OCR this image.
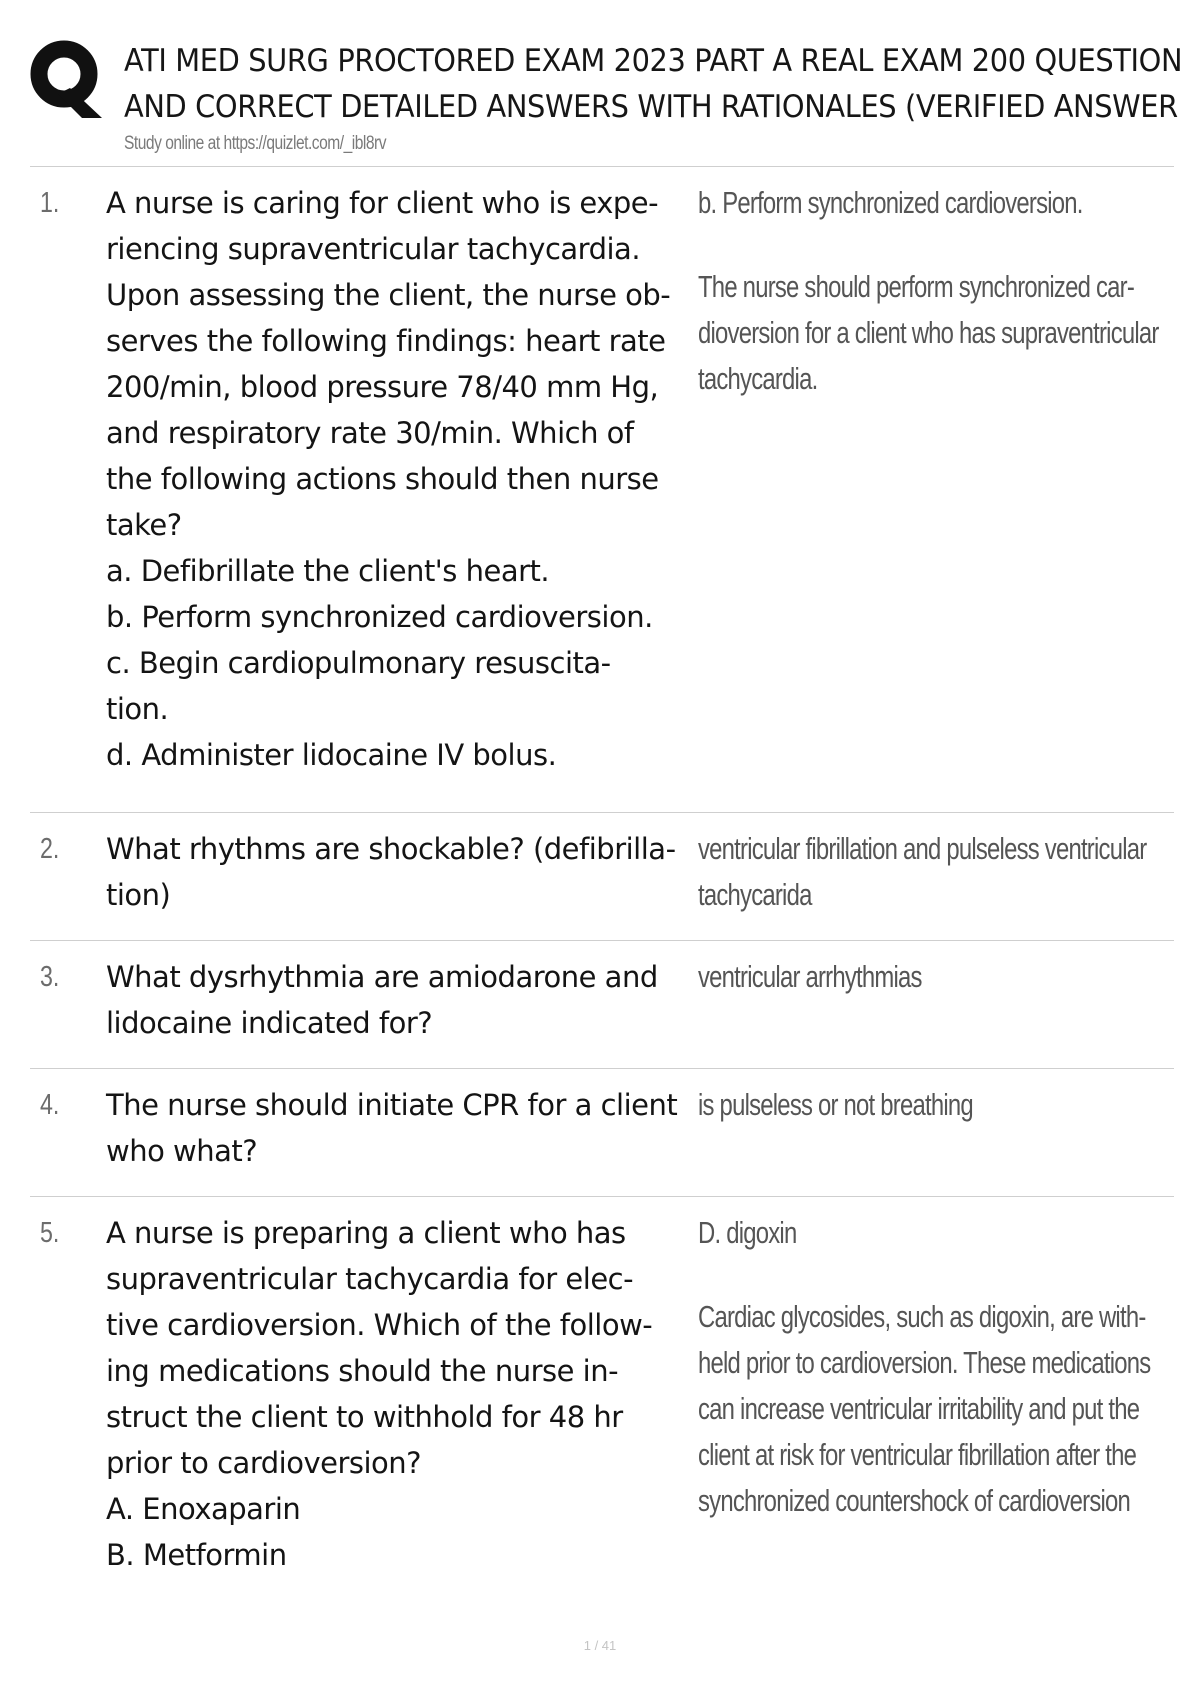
ATI MED SURG PROCTORED EXAM 2023 PART A REAL EXAM 200 QUESTION
AND CORRECT DETAILED ANSWERS WITH RATIONALES (VERIFIED ANSWER
Study online at https://quizlet.com/_ibl8rv
1. A nurse is caring for client who is expe-
riencing supraventricular tachycardia.
Upon assessing the client, the nurse ob-
serves the following findings: heart rate
200/min, blood pressure 78/40 mm Hg,
and respiratory rate 30/min. Which of
the following actions should then nurse
take?
a. Defibrillate the client's heart.
b. Perform synchronized cardioversion.
c. Begin cardiopulmonary resuscita-
tion.
d. Administer lidocaine IV bolus.
b. Perform synchronized cardioversion.
The nurse should perform synchronized car-
dioversion for a client who has supraventricular
tachycardia.
2. What rhythms are shockable? (defibrilla-
tion)
ventricular fibrillation and pulseless ventricular
tachycarida
3. What dysrhythmia are amiodarone and
lidocaine indicated for?
ventricular arrhythmias
4. The nurse should initiate CPR for a client
who what?
is pulseless or not breathing
5. A nurse is preparing a client who has
supraventricular tachycardia for elec-
tive cardioversion. Which of the follow-
ing medications should the nurse in-
struct the client to withhold for 48 hr
prior to cardioversion?
A. Enoxaparin
B. Metformin
D. digoxin
Cardiac glycosides, such as digoxin, are with-
held prior to cardioversion. These medications
can increase ventricular irritability and put the
client at risk for ventricular fibrillation after the
synchronized countershock of cardioversion
1 / 41
